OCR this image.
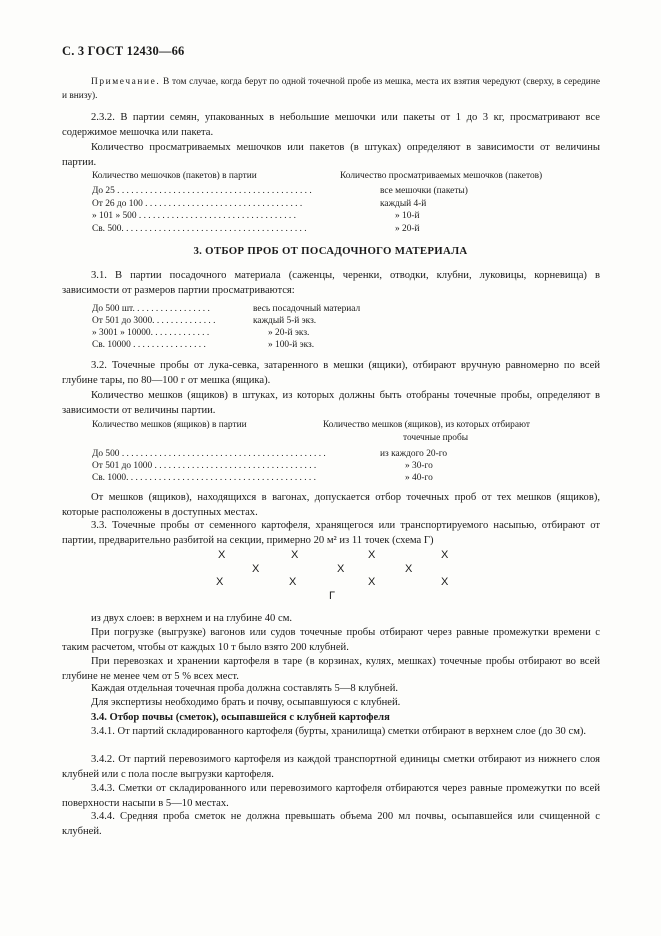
С. 3 ГОСТ 12430—66
Примечание. В том случае, когда берут по одной точечной пробе из мешка, места их взятия чередуют (сверху, в середине и внизу).
2.3.2. В партии семян, упакованных в небольшие мешочки или пакеты от 1 до 3 кг, просматривают все содержимое мешочка или пакета.
Количество просматриваемых мешочков или пакетов (в штуках) определяют в зависимости от величины партии.
Количество мешочков (пакетов) в партии	Количество просматриваемых мешочков (пакетов)
До 25 . . . . . . . . . . . . . . . . . . . . . . . . . . . . . . . . . . . . . . . . . .	все мешочки (пакеты)
От 26 до 100 . . . . . . . . . . . . . . . . . . . . . . . . . . . . . . . . . .	каждый 4-й
» 101 » 500 . . . . . . . . . . . . . . . . . . . . . . . . . . . . . . . . . .	» 10-й
Св. 500. . . . . . . . . . . . . . . . . . . . . . . . . . . . . . . . . . . . . . . .	» 20-й
3. ОТБОР ПРОБ ОТ ПОСАДОЧНОГО МАТЕРИАЛА
3.1. В партии посадочного материала (саженцы, черенки, отводки, клубни, луковицы, корневища) в зависимости от размеров партии просматриваются:
До 500 шт. . . . . . . . . . . . . . . . .	весь посадочный материал
От 501 до 3000. . . . . . . . . . . . . .	каждый 5-й экз.
» 3001 » 10000. . . . . . . . . . . . .	» 20-й экз.
Св. 10000 . . . . . . . . . . . . . . . .	» 100-й экз.
3.2. Точечные пробы от лука-севка, затаренного в мешки (ящики), отбирают вручную равномерно по всей глубине тары, по 80—100 г от мешка (ящика).
Количество мешков (ящиков) в штуках, из которых должны быть отобраны точечные пробы, определяют в зависимости от величины партии.
Количество мешков (ящиков) в партии	Количество мешков (ящиков), из которых отбирают
точечные пробы
До 500 . . . . . . . . . . . . . . . . . . . . . . . . . . . . . . . . . . . . . . . . . . . .	из каждого 20-го
От 501 до 1000 . . . . . . . . . . . . . . . . . . . . . . . . . . . . . . . . . . .	» 30-го
Св. 1000. . . . . . . . . . . . . . . . . . . . . . . . . . . . . . . . . . . . . . . . .	» 40-го
От мешков (ящиков), находящихся в вагонах, допускается отбор точечных проб от тех мешков (ящиков), которые расположены в доступных местах.
3.3. Точечные пробы от семенного картофеля, хранящегося или транспортируемого насыпью, отбирают от партии, предварительно разбитой на секции, примерно 20 м² из 11 точек (схема Г)
Х	Х	Х	Х
Х	Х	Х
Х	Х	Х	Х
Г
из двух слоев: в верхнем и на глубине 40 см.
При погрузке (выгрузке) вагонов или судов точечные пробы отбирают через равные промежутки времени с таким расчетом, чтобы от каждых 10 т было взято 200 клубней.
При перевозках и хранении картофеля в таре (в корзинах, кулях, мешках) точечные пробы отбирают во всей глубине не менее чем от 5 % всех мест.
Каждая отдельная точечная проба должна составлять 5—8 клубней.
Для экспертизы необходимо брать и почву, осыпавшуюся с клубней.
3.4. Отбор почвы (сметок), осыпавшейся с клубней картофеля
3.4.1. От партий складированного картофеля (бурты, хранилища) сметки отбирают в верхнем слое (до 30 см).
3.4.2. От партий перевозимого картофеля из каждой транспортной единицы сметки отбирают из нижнего слоя клубней или с пола после выгрузки картофеля.
3.4.3. Сметки от складированного или перевозимого картофеля отбираются через равные промежутки по всей поверхности насыпи в 5—10 местах.
3.4.4. Средняя проба сметок не должна превышать объема 200 мл почвы, осыпавшейся или счищенной с клубней.
